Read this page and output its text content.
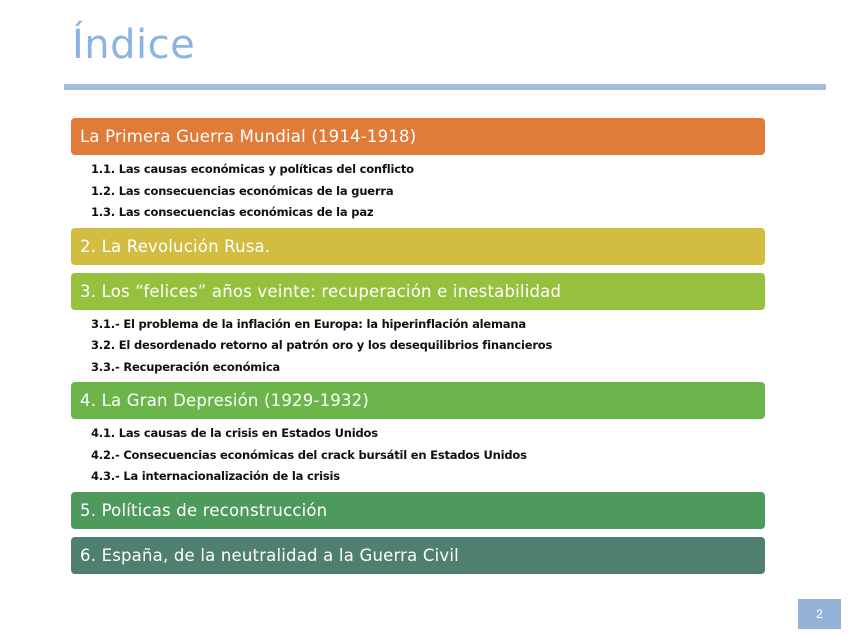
Índice
La Primera Guerra Mundial (1914-1918)
1.1. Las causas económicas y políticas del conflicto
1.2. Las consecuencias económicas de la guerra
1.3. Las consecuencias económicas de la paz
2. La Revolución Rusa.
3. Los “felices” años veinte: recuperación e inestabilidad
3.1.- El problema de la inflación en Europa: la hiperinflación alemana
3.2. El desordenado retorno al patrón oro y los desequilibrios financieros
3.3.- Recuperación económica
4. La Gran Depresión (1929-1932)
4.1. Las causas de la crisis en Estados Unidos
4.2.- Consecuencias económicas del crack bursátil en Estados Unidos
4.3.- La internacionalización de la crisis
5. Políticas de reconstrucción
6. España, de la neutralidad a la Guerra Civil
2
